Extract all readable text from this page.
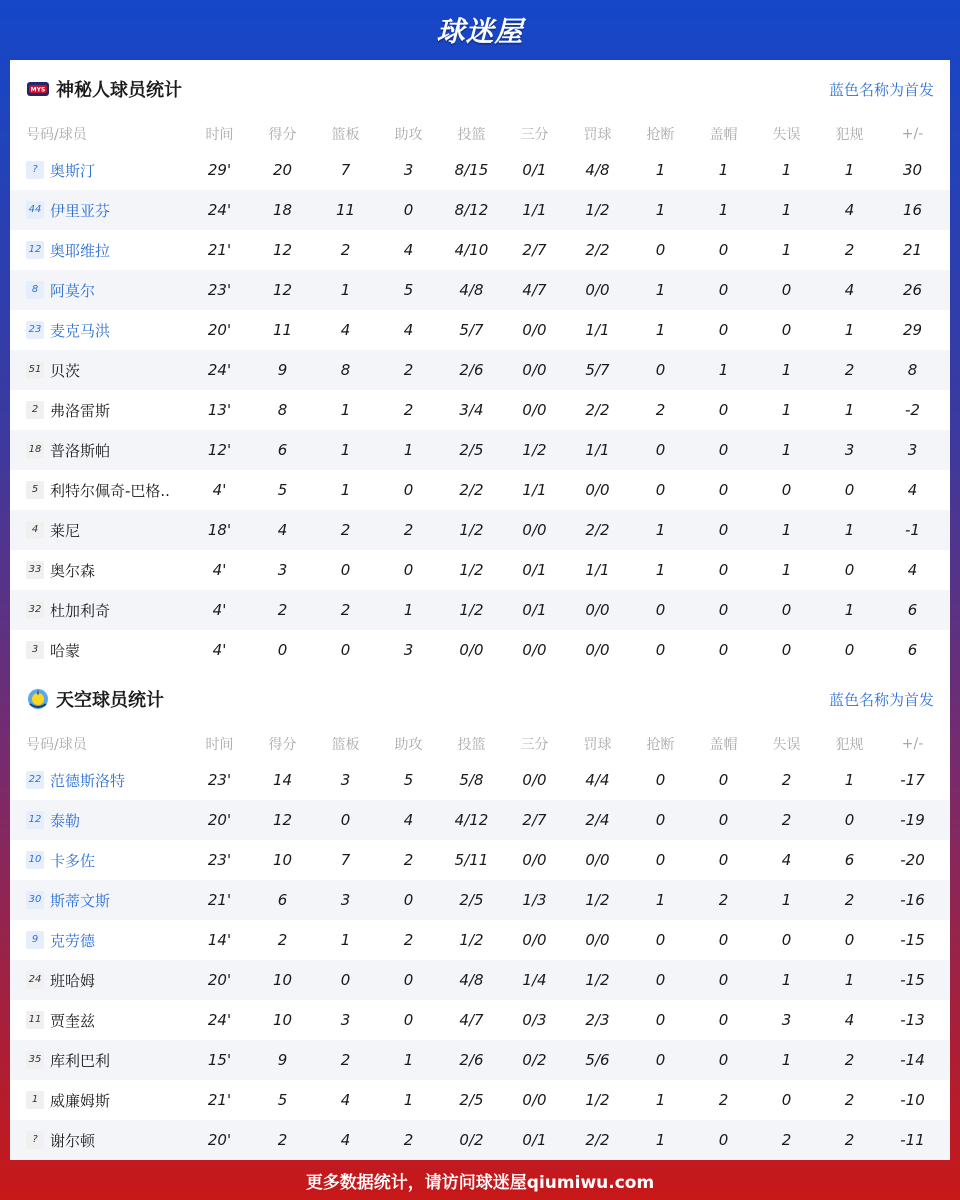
球迷屋
MYS 神秘人球员统计	蓝色名称为首发
号码/球员	时间	得分	篮板	助攻	投篮	三分	罚球	抢断	盖帽	失误	犯规	+/-
? 奥斯汀	29'	20	7	3	8/15	0/1	4/8	1	1	1	1	30
44 伊里亚芬	24'	18	11	0	8/12	1/1	1/2	1	1	1	4	16
12 奥耶维拉	21'	12	2	4	4/10	2/7	2/2	0	0	1	2	21
8 阿莫尔	23'	12	1	5	4/8	4/7	0/0	1	0	0	4	26
23 麦克马洪	20'	11	4	4	5/7	0/0	1/1	1	0	0	1	29
51 贝茨	24'	9	8	2	2/6	0/0	5/7	0	1	1	2	8
2 弗洛雷斯	13'	8	1	2	3/4	0/0	2/2	2	0	1	1	-2
18 普洛斯帕	12'	6	1	1	2/5	1/2	1/1	0	0	1	3	3
5 利特尔佩奇-巴格..	4'	5	1	0	2/2	1/1	0/0	0	0	0	0	4
4 莱尼	18'	4	2	2	1/2	0/0	2/2	1	0	1	1	-1
33 奥尔森	4'	3	0	0	1/2	0/1	1/1	1	0	1	0	4
32 杜加利奇	4'	2	2	1	1/2	0/1	0/0	0	0	0	1	6
3 哈蒙	4'	0	0	3	0/0	0/0	0/0	0	0	0	0	6
天空球员统计	蓝色名称为首发
号码/球员	时间	得分	篮板	助攻	投篮	三分	罚球	抢断	盖帽	失误	犯规	+/-
22 范德斯洛特	23'	14	3	5	5/8	0/0	4/4	0	0	2	1	-17
12 泰勒	20'	12	0	4	4/12	2/7	2/4	0	0	2	0	-19
10 卡多佐	23'	10	7	2	5/11	0/0	0/0	0	0	4	6	-20
30 斯蒂文斯	21'	6	3	0	2/5	1/3	1/2	1	2	1	2	-16
9 克劳德	14'	2	1	2	1/2	0/0	0/0	0	0	0	0	-15
24 班哈姆	20'	10	0	0	4/8	1/4	1/2	0	0	1	1	-15
11 贾奎兹	24'	10	3	0	4/7	0/3	2/3	0	0	3	4	-13
35 库利巴利	15'	9	2	1	2/6	0/2	5/6	0	0	1	2	-14
1 威廉姆斯	21'	5	4	1	2/5	0/0	1/2	1	2	0	2	-10
? 谢尔顿	20'	2	4	2	0/2	0/1	2/2	1	0	2	2	-11
更多数据统计，请访问球迷屋qiumiwu.com
